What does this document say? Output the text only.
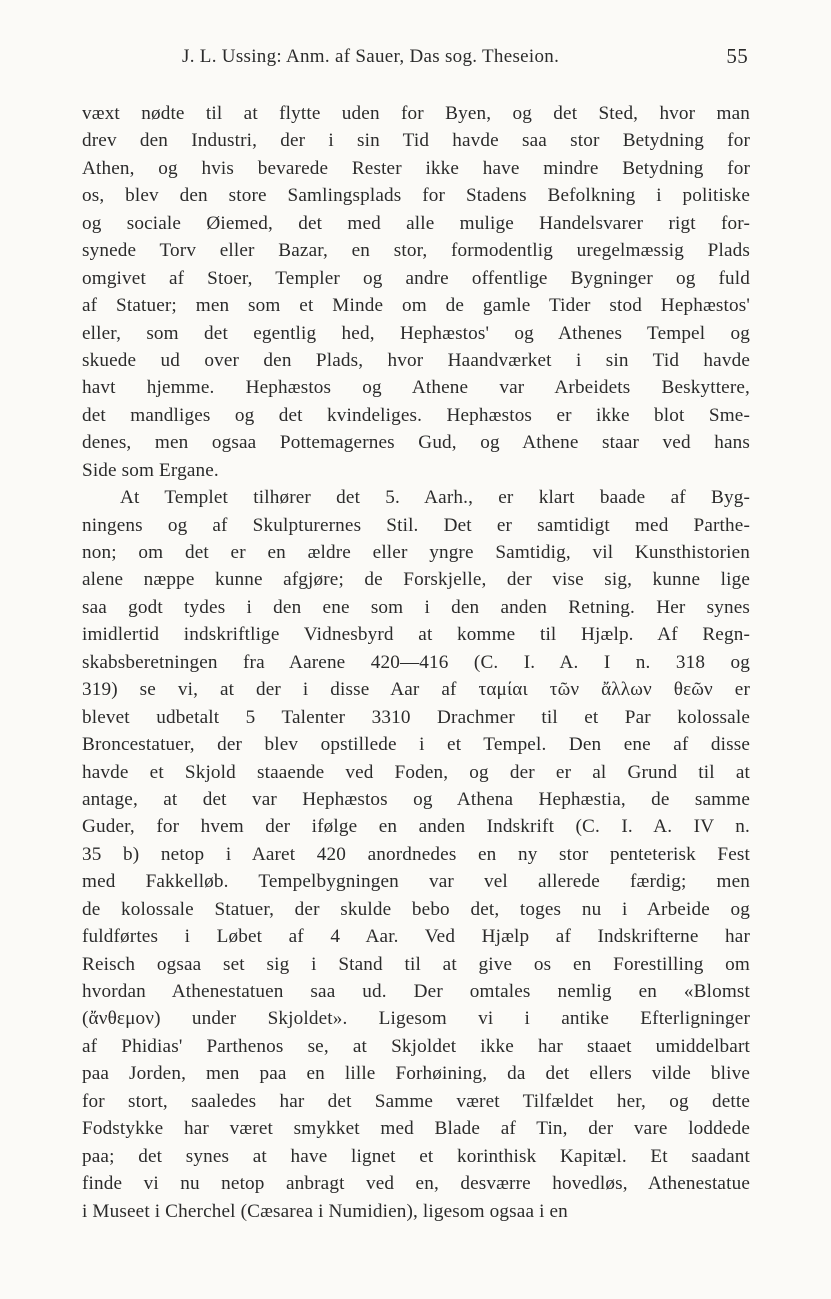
J. L. Ussing: Anm. af Sauer, Das sog. Theseion.	55
væxt nødte til at flytte uden for Byen, og det Sted, hvor man
drev den Industri, der i sin Tid havde saa stor Betydning for
Athen, og hvis bevarede Rester ikke have mindre Betydning for
os, blev den store Samlingsplads for Stadens Befolkning i politiske
og sociale Øiemed, det med alle mulige Handelsvarer rigt for-
synede Torv eller Bazar, en stor, formodentlig uregelmæssig Plads
omgivet af Stoer, Templer og andre offentlige Bygninger og fuld
af Statuer; men som et Minde om de gamle Tider stod Hephæstos'
eller, som det egentlig hed, Hephæstos' og Athenes Tempel og
skuede ud over den Plads, hvor Haandværket i sin Tid havde
havt hjemme. Hephæstos og Athene var Arbeidets Beskyttere,
det mandliges og det kvindeliges. Hephæstos er ikke blot Sme-
denes, men ogsaa Pottemagernes Gud, og Athene staar ved hans
Side som Ergane.
At Templet tilhører det 5. Aarh., er klart baade af Byg-
ningens og af Skulpturernes Stil. Det er samtidigt med Parthe-
non; om det er en ældre eller yngre Samtidig, vil Kunsthistorien
alene næppe kunne afgjøre; de Forskjelle, der vise sig, kunne lige
saa godt tydes i den ene som i den anden Retning. Her synes
imidlertid indskriftlige Vidnesbyrd at komme til Hjælp. Af Regn-
skabsberetningen fra Aarene 420—416 (C. I. A. I n. 318 og
319) se vi, at der i disse Aar af ταμίαι τῶν ἄλλων θεῶν er
blevet udbetalt 5 Talenter 3310 Drachmer til et Par kolossale
Broncestatuer, der blev opstillede i et Tempel. Den ene af disse
havde et Skjold staaende ved Foden, og der er al Grund til at
antage, at det var Hephæstos og Athena Hephæstia, de samme
Guder, for hvem der ifølge en anden Indskrift (C. I. A. IV n.
35 b) netop i Aaret 420 anordnedes en ny stor penteterisk Fest
med Fakkelløb. Tempelbygningen var vel allerede færdig; men
de kolossale Statuer, der skulde bebo det, toges nu i Arbeide og
fuldførtes i Løbet af 4 Aar. Ved Hjælp af Indskrifterne har
Reisch ogsaa set sig i Stand til at give os en Forestilling om
hvordan Athenestatuen saa ud. Der omtales nemlig en «Blomst
(ἄνθεμον) under Skjoldet». Ligesom vi i antike Efterligninger
af Phidias' Parthenos se, at Skjoldet ikke har staaet umiddelbart
paa Jorden, men paa en lille Forhøining, da det ellers vilde blive
for stort, saaledes har det Samme været Tilfældet her, og dette
Fodstykke har været smykket med Blade af Tin, der vare loddede
paa; det synes at have lignet et korinthisk Kapitæl. Et saadant
finde vi nu netop anbragt ved en, desværre hovedløs, Athenestatue
i Museet i Cherchel (Cæsarea i Numidien), ligesom ogsaa i en
